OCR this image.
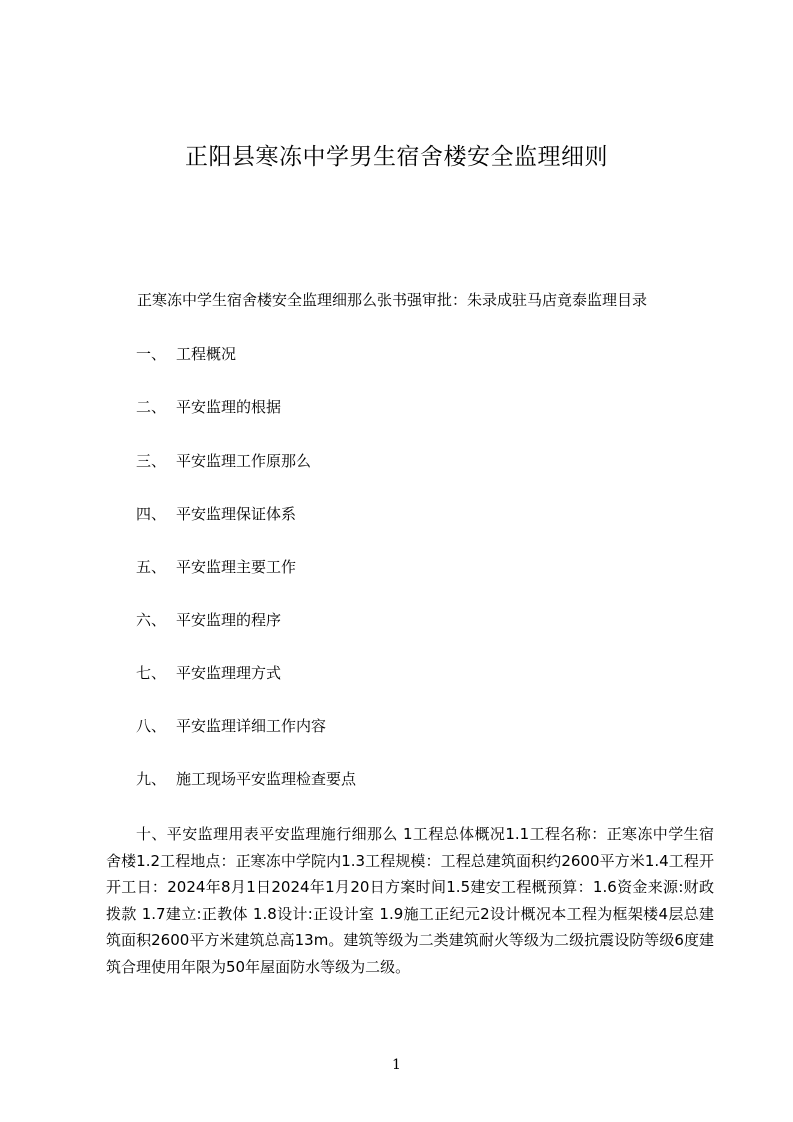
正阳县寒冻中学男生宿舍楼安全监理细则
正寒冻中学生宿舍楼安全监理细那么张书强审批：朱录成驻马店竟泰监理目录
一、 工程概况
二、 平安监理的根据
三、 平安监理工作原那么
四、 平安监理保证体系
五、 平安监理主要工作
六、 平安监理的程序
七、 平安监理理方式
八、 平安监理详细工作内容
九、 施工现场平安监理检查要点
十、平安监理用表平安监理施行细那么 1工程总体概况1.1工程名称：正寒冻中学生宿舍楼1.2工程地点：正寒冻中学院内1.3工程规模：工程总建筑面积约2600平方米1.4工程开开工日：2024年8月1日2024年1月20日方案时间1.5建安工程概预算：1.6资金来源:财政拨款 1.7建立:正教体 1.8设计:正设计室 1.9施工正纪元2设计概况本工程为框架楼4层总建筑面积2600平方米建筑总高13m。建筑等级为二类建筑耐火等级为二级抗震设防等级6度建筑合理使用年限为50年屋面防水等级为二级。
1
